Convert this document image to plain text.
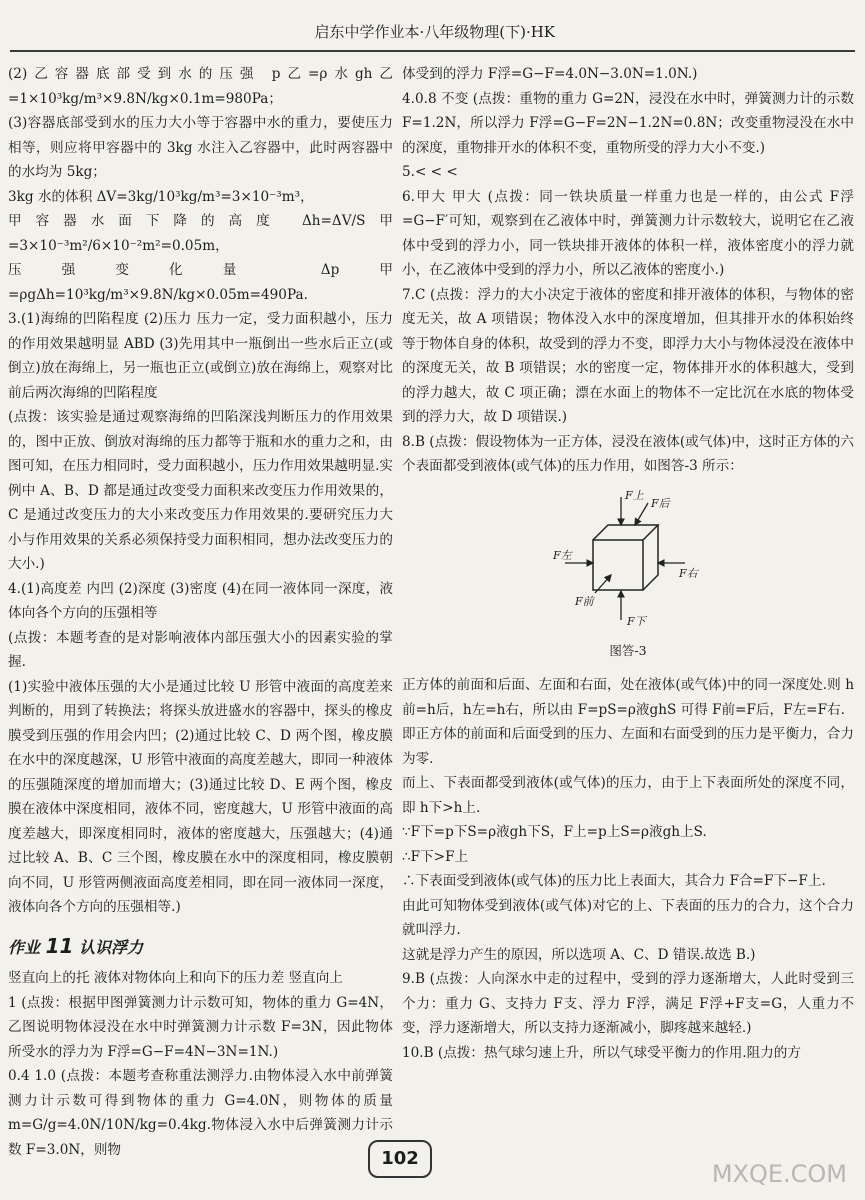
启东中学作业本·八年级物理(下)·HK

(2)乙容器底部受到水的压强 p乙=ρ水gh乙=1×10³kg/m³×9.8N/kg×0.1m=980Pa；

(3)容器底部受到水的压力大小等于容器中水的重力，要使压力相等，则应将甲容器中的 3kg 水注入乙容器中，此时两容器中的水均为 5kg；

3kg 水的体积 ΔV=3kg/10³kg/m³=3×10⁻³m³，

甲容器水面下降的高度 Δh=ΔV/S甲=3×10⁻³m²/6×10⁻²m²=0.05m，

压强变化量 Δp甲=ρgΔh=10³kg/m³×9.8N/kg×0.05m=490Pa.

3.(1)海绵的凹陷程度 (2)压力 压力一定，受力面积越小，压力的作用效果越明显 ABD (3)先用其中一瓶倒出一些水后正立(或倒立)放在海绵上，另一瓶也正立(或倒立)放在海绵上，观察对比前后两次海绵的凹陷程度

(点拨：该实验是通过观察海绵的凹陷深浅判断压力的作用效果的，图中正放、倒放对海绵的压力都等于瓶和水的重力之和，由图可知，在压力相同时，受力面积越小，压力作用效果越明显.实例中 A、B、D 都是通过改变受力面积来改变压力作用效果的，C 是通过改变压力的大小来改变压力作用效果的.要研究压力大小与作用效果的关系必须保持受力面积相同，想办法改变压力的大小.)

4.(1)高度差 内凹 (2)深度 (3)密度 (4)在同一液体同一深度，液体向各个方向的压强相等

(点拨：本题考查的是对影响液体内部压强大小的因素实验的掌握.

(1)实验中液体压强的大小是通过比较 U 形管中液面的高度差来判断的，用到了转换法；将探头放进盛水的容器中，探头的橡皮膜受到压强的作用会内凹；(2)通过比较 C、D 两个图，橡皮膜在水中的深度越深，U 形管中液面的高度差越大，即同一种液体的压强随深度的增加而增大；(3)通过比较 D、E 两个图，橡皮膜在液体中深度相同，液体不同，密度越大，U 形管中液面的高度差越大，即深度相同时，液体的密度越大，压强越大；(4)通过比较 A、B、C 三个图，橡皮膜在水中的深度相同，橡皮膜朝向不同，U 形管两侧液面高度差相同，即在同一液体同一深度，液体向各个方向的压强相等.)

作业 11 认识浮力

竖直向上的托 液体对物体向上和向下的压力差 竖直向上

1 (点拨：根据甲图弹簧测力计示数可知，物体的重力 G=4N，乙图说明物体浸没在水中时弹簧测力计示数 F=3N，因此物体所受水的浮力为 F浮=G−F=4N−3N=1N.)

0.4 1.0 (点拨：本题考查称重法测浮力.由物体浸入水中前弹簧测力计示数可得到物体的重力 G=4.0N，则物体的质量 m=G/g=4.0N/10N/kg=0.4kg.物体浸入水中后弹簧测力计示数 F=3.0N，则物

体受到的浮力 F浮=G−F=4.0N−3.0N=1.0N.)

4.0.8 不变 (点拨：重物的重力 G=2N，浸没在水中时，弹簧测力计的示数 F=1.2N，所以浮力 F浮=G−F=2N−1.2N=0.8N；改变重物浸没在水中的深度，重物排开水的体积不变，重物所受的浮力大小不变.)

5.< < <

6.甲大 甲大 (点拨：同一铁块质量一样重力也是一样的，由公式 F浮=G−F′可知，观察到在乙液体中时，弹簧测力计示数较大，说明它在乙液体中受到的浮力小，同一铁块排开液体的体积一样，液体密度小的浮力就小，在乙液体中受到的浮力小，所以乙液体的密度小.)

7.C (点拨：浮力的大小决定于液体的密度和排开液体的体积，与物体的密度无关，故 A 项错误；物体没入水中的深度增加，但其排开水的体积始终等于物体自身的体积，故受到的浮力不变，即浮力大小与物体浸没在液体中的深度无关，故 B 项错误；水的密度一定，物体排开水的体积越大，受到的浮力越大，故 C 项正确；漂在水面上的物体不一定比沉在水底的物体受到的浮力大，故 D 项错误.)

8.B (点拨：假设物体为一正方体，浸没在液体(或气体)中，这时正方体的六个表面都受到液体(或气体)的压力作用，如图答-3 所示：

F上
F后
F左
F右
F前
F下
图答-3

正方体的前面和后面、左面和右面，处在液体(或气体)中的同一深度处.则 h前=h后，h左=h右，所以由 F=pS=ρ液ghS 可得 F前=F后，F左=F右.

即正方体的前面和后面受到的压力、左面和右面受到的压力是平衡力，合力为零.

而上、下表面都受到液体(或气体)的压力，由于上下表面所处的深度不同，即 h下>h上.

∵F下=p下S=ρ液gh下S，F上=p上S=ρ液gh上S.

∴F下>F上

∴下表面受到液体(或气体)的压力比上表面大，其合力 F合=F下−F上.

由此可知物体受到液体(或气体)对它的上、下表面的压力的合力，这个合力就叫浮力.

这就是浮力产生的原因，所以选项 A、C、D 错误.故选 B.)

9.B (点拨：人向深水中走的过程中，受到的浮力逐渐增大，人此时受到三个力：重力 G、支持力 F支、浮力 F浮，满足 F浮+F支=G，人重力不变，浮力逐渐增大，所以支持力逐渐减小，脚疼越来越轻.)

10.B (点拨：热气球匀速上升，所以气球受平衡力的作用.阻力的方

102
MXQE.COM
